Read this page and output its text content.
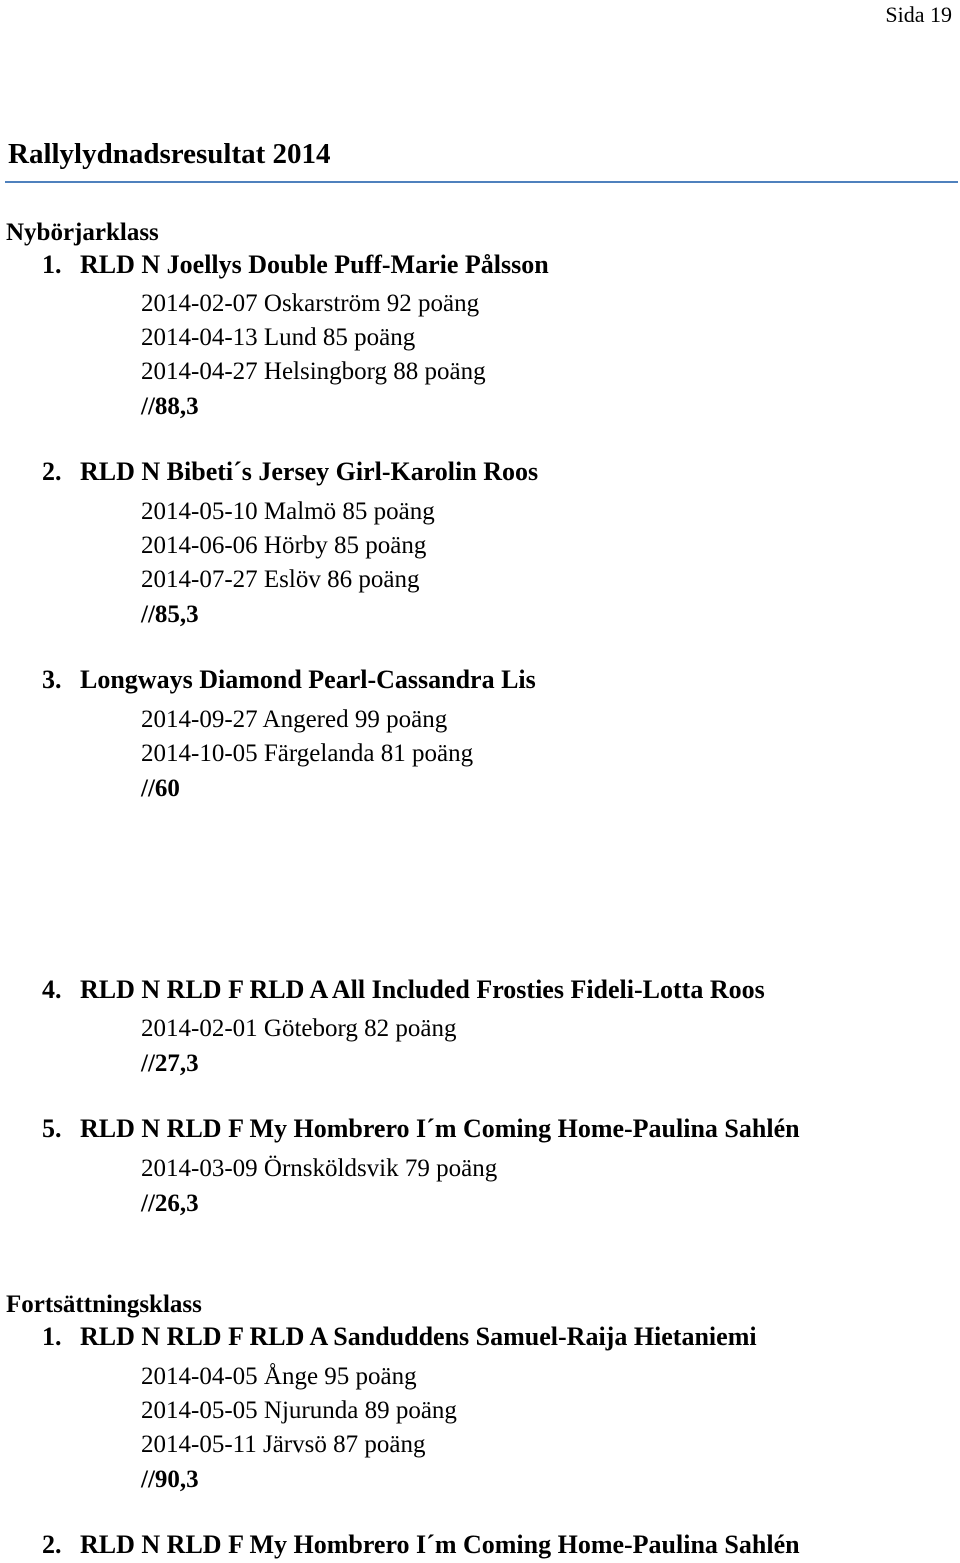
Sida 19
Rallylydnadsresultat 2014
Nybörjarklass
1. RLD N Joellys Double Puff-Marie Pålsson
2014-02-07 Oskarström 92 poäng
2014-04-13 Lund 85 poäng
2014-04-27 Helsingborg 88 poäng
//88,3
2. RLD N Bibeti´s Jersey Girl-Karolin Roos
2014-05-10 Malmö 85 poäng
2014-06-06 Hörby 85 poäng
2014-07-27 Eslöv 86 poäng
//85,3
3. Longways Diamond Pearl-Cassandra Lis
2014-09-27 Angered 99 poäng
2014-10-05 Färgelanda 81 poäng
//60
4. RLD N RLD F RLD A All Included Frosties Fideli-Lotta Roos
2014-02-01 Göteborg 82 poäng
//27,3
5. RLD N RLD F My Hombrero I´m Coming Home-Paulina Sahlén
2014-03-09 Örnsköldsvik 79 poäng
//26,3
Fortsättningsklass
1. RLD N RLD F RLD A Sanduddens Samuel-Raija Hietaniemi
2014-04-05 Ånge 95 poäng
2014-05-05 Njurunda 89 poäng
2014-05-11 Järvsö 87 poäng
//90,3
2. RLD N RLD F My Hombrero I´m Coming Home-Paulina Sahlén
